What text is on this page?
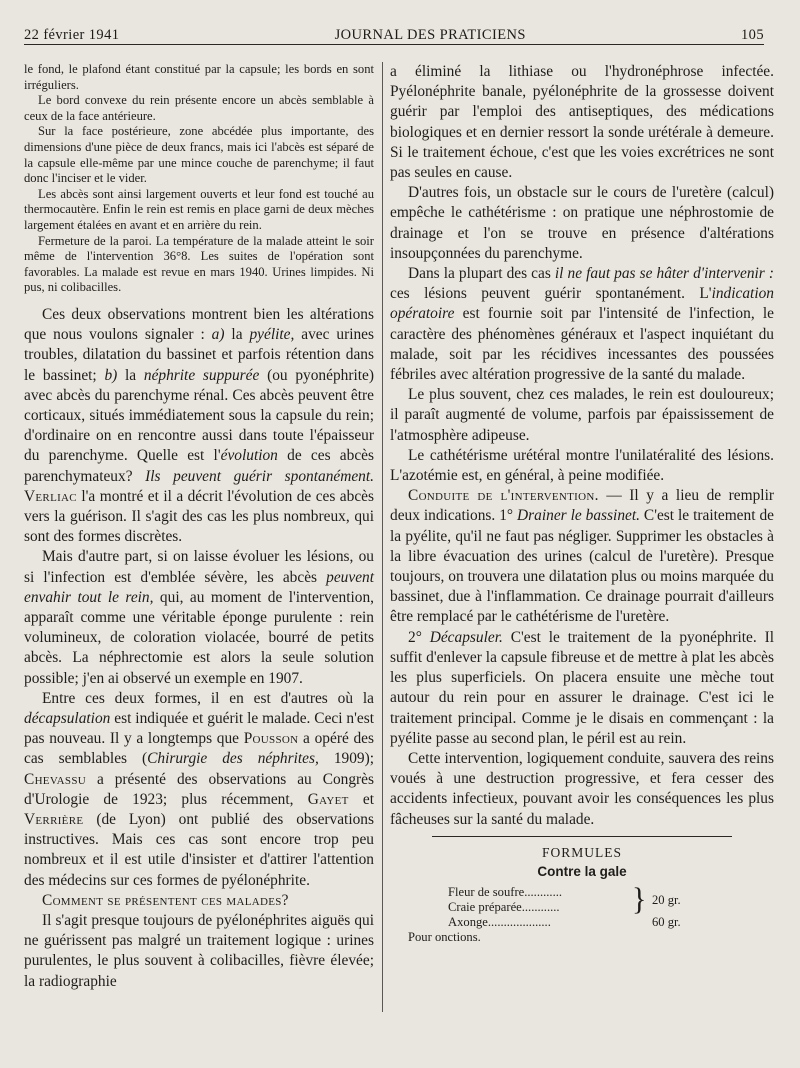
22 février 1941	JOURNAL DES PRATICIENS	105

le fond, le plafond étant constitué par la capsule; les bords en sont irréguliers.

Le bord convexe du rein présente encore un abcès semblable à ceux de la face antérieure.

Sur la face postérieure, zone abcédée plus importante, des dimensions d'une pièce de deux francs, mais ici l'abcès est séparé de la capsule elle-même par une mince couche de parenchyme; il faut donc l'inciser et le vider.

Les abcès sont ainsi largement ouverts et leur fond est touché au thermocautère. Enfin le rein est remis en place garni de deux mèches largement étalées en avant et en arrière du rein.

Fermeture de la paroi. La température de la malade atteint le soir même de l'intervention 36°8. Les suites de l'opération sont favorables. La malade est revue en mars 1940. Urines limpides. Ni pus, ni colibacilles.

Ces deux observations montrent bien les altérations que nous voulons signaler : a) la pyélite, avec urines troubles, dilatation du bassinet et parfois rétention dans le bassinet; b) la néphrite suppurée (ou pyonéphrite) avec abcès du parenchyme rénal. Ces abcès peuvent être corticaux, situés immédiatement sous la capsule du rein; d'ordinaire on en rencontre aussi dans toute l'épaisseur du parenchyme. Quelle est l'évolution de ces abcès parenchymateux? Ils peuvent guérir spontanément. Verliac l'a montré et il a décrit l'évolution de ces abcès vers la guérison. Il s'agit des cas les plus nombreux, qui sont des formes discrètes.

Mais d'autre part, si on laisse évoluer les lésions, ou si l'infection est d'emblée sévère, les abcès peuvent envahir tout le rein, qui, au moment de l'intervention, apparaît comme une véritable éponge purulente : rein volumineux, de coloration violacée, bourré de petits abcès. La néphrectomie est alors la seule solution possible; j'en ai observé un exemple en 1907.

Entre ces deux formes, il en est d'autres où la décapsulation est indiquée et guérit le malade. Ceci n'est pas nouveau. Il y a longtemps que Pousson a opéré des cas semblables (Chirurgie des néphrites, 1909); Chevassu a présenté des observations au Congrès d'Urologie de 1923; plus récemment, Gayet et Verrière (de Lyon) ont publié des observations instructives. Mais ces cas sont encore trop peu nombreux et il est utile d'insister et d'attirer l'attention des médecins sur ces formes de pyélonéphrite.

Comment se présentent ces malades?

Il s'agit presque toujours de pyélonéphrites aiguës qui ne guérissent pas malgré un traitement logique : urines purulentes, le plus souvent à colibacilles, fièvre élevée; la radiographie

a éliminé la lithiase ou l'hydronéphrose infectée. Pyélonéphrite banale, pyélonéphrite de la grossesse doivent guérir par l'emploi des antiseptiques, des médications biologiques et en dernier ressort la sonde urétérale à demeure. Si le traitement échoue, c'est que les voies excrétrices ne sont pas seules en cause.

D'autres fois, un obstacle sur le cours de l'uretère (calcul) empêche le cathétérisme : on pratique une néphrostomie de drainage et l'on se trouve en présence d'altérations insoupçonnées du parenchyme.

Dans la plupart des cas il ne faut pas se hâter d'intervenir : ces lésions peuvent guérir spontanément. L'indication opératoire est fournie soit par l'intensité de l'infection, le caractère des phénomènes généraux et l'aspect inquiétant du malade, soit par les récidives incessantes des poussées fébriles avec altération progressive de la santé du malade.

Le plus souvent, chez ces malades, le rein est douloureux; il paraît augmenté de volume, parfois par épaississement de l'atmosphère adipeuse.

Le cathétérisme urétéral montre l'unilatéralité des lésions. L'azotémie est, en général, à peine modifiée.

Conduite de l'intervention. — Il y a lieu de remplir deux indications. 1° Drainer le bassinet. C'est le traitement de la pyélite, qu'il ne faut pas négliger. Supprimer les obstacles à la libre évacuation des urines (calcul de l'uretère). Presque toujours, on trouvera une dilatation plus ou moins marquée du bassinet, due à l'inflammation. Ce drainage pourrait d'ailleurs être remplacé par le cathétérisme de l'uretère.

2° Décapsuler. C'est le traitement de la pyonéphrite. Il suffit d'enlever la capsule fibreuse et de mettre à plat les abcès les plus superficiels. On placera ensuite une mèche tout autour du rein pour en assurer le drainage. C'est ici le traitement principal. Comme je le disais en commençant : la pyélite passe au second plan, le péril est au rein.

Cette intervention, logiquement conduite, sauvera des reins voués à une destruction progressive, et fera cesser des accidents infectieux, pouvant avoir les conséquences les plus fâcheuses sur la santé du malade.

FORMULES
Contre la gale
Fleur de soufre............
Craie préparée............ } 20 gr.
Axonge....................	60 gr.
Pour onctions.
